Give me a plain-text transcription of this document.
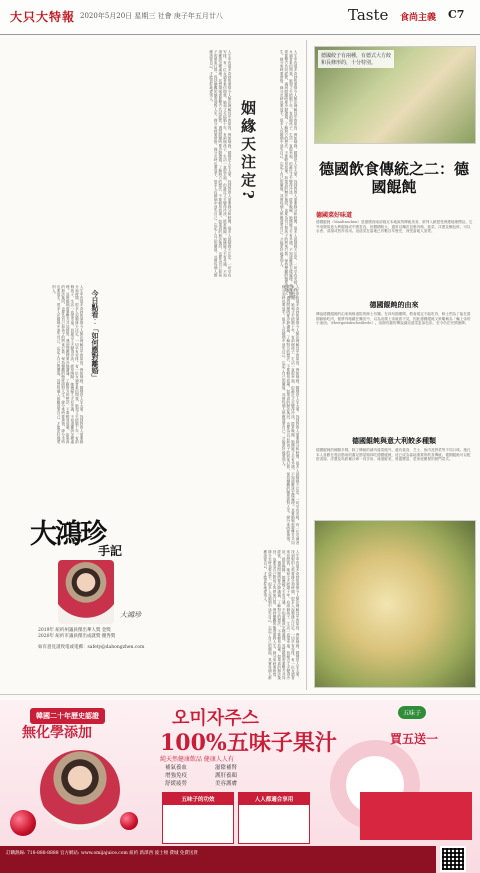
大只大特報 2020年5月20日 星期三 社會 庚子年五月廿八	Taste 食尚主義 C7
人生中有很多奇妙的事情令人無法理解其中的原因，例如姻緣。婚姻是人生大事，找到對的人需要緣分和時間，很多人說姻緣天注定，一切早有安排。有一位女讀者來信問我，她和丈夫結婚十年，有兩個孩子，生活一直很幸福，但最近丈夫變得冷淡，經常晚歸，她懷疑丈夫有外遇，不知道應該怎樣處理。其實婚姻需要雙方共同經營，遇到問題時要冷靜溝通，了解對方的想法，不要輕易放棄。如果真的無法挽回，也要為自己和孩子的將來打算，保持樂觀的態度面對人生。緣分來時要珍惜，緣分走時也要放手。很多人在婚姻中迷失自己，忘記了自己的價值，其實每個人都應該愛自己，才能更好地愛別人。
姻緣天注定?	人生中有很多奇妙的事情令人無法理解其中的原因，例如姻緣。婚姻是人生大事，找到對的人需要緣分和時間，很多人說姻緣天注定，一切早有安排。有一位女讀者來信問我，她和丈夫結婚十年，有兩個孩子，生活一直很幸福，但最近丈夫變得冷淡，經常晚歸，她懷疑丈夫有外遇，不知道應該怎樣處理。其實婚姻需要雙方共同經營，遇到問題時要冷靜溝通，了解對方的想法，不要輕易放棄。如果真的無法挽回，也要為自己和孩子的將來打算，保持樂觀的態度面對人生。緣分來時要珍惜，緣分走時也要放手。很多人在婚姻中迷失自己，忘記了自己的價值，其實每個人都應該愛自己，才能更好地愛別人。
人生中有很多奇妙的事情令人無法理解其中的原因，例如姻緣。婚姻是人生大事，找到對的人需要緣分和時間，很多人說姻緣天注定，一切早有安排。有一位女讀者來信問我，她和丈夫結婚十年，有兩個孩子，生活一直很幸福，但最近丈夫變得冷淡，經常晚歸，她懷疑丈夫有外遇，不知道應該怎樣處理。其實婚姻需要雙方共同經營，遇到問題時要冷靜溝通，了解對方的想法，不要輕易放棄。如果真的無法挽回，也要為自己和孩子的將來打算，保持樂觀的態度面對人生。緣分來時要珍惜，緣分走時也要放手。很多人在婚姻中迷失自己，忘記了自己的價值，其實每個人都應該愛自己，才能更好地愛別人。
今日點看︰「如何應對離婚」
人生中有很多奇妙的事情令人無法理解其中的原因，例如姻緣。婚姻是人生大事，找到對的人需要緣分和時間，很多人說姻緣天注定，一切早有安排。有一位女讀者來信問我，她和丈夫結婚十年，有兩個孩子，生活一直很幸福，但最近丈夫變得冷淡，經常晚歸，她懷疑丈夫有外遇，不知道應該怎樣處理。其實婚姻需要雙方共同經營，遇到問題時要冷靜溝通，了解對方的想法，不要輕易放棄。如果真的無法挽回，也要為自己和孩子的將來打算，保持樂觀的態度面對人生。緣分來時要珍惜，緣分走時也要放手。很多人在婚姻中迷失自己，忘記了自己的價值，其實每個人都應該愛自己，才能更好地愛別人。
人生中有很多奇妙的事情令人無法理解其中的原因，例如姻緣。婚姻是人生大事，找到對的人需要緣分和時間，很多人說姻緣天注定，一切早有安排。有一位女讀者來信問我，她和丈夫結婚十年，有兩個孩子，生活一直很幸福，但最近丈夫變得冷淡，經常晚歸，她懷疑丈夫有外遇，不知道應該怎樣處理。其實婚姻需要雙方共同經營，遇到問題時要冷靜溝通，了解對方的想法，不要輕易放棄。如果真的無法挽回，也要為自己和孩子的將來打算，保持樂觀的態度面對人生。緣分來時要珍惜，緣分走時也要放手。很多人在婚姻中迷失自己，忘記了自己的價值，其實每個人都應該愛自己，才能更好地愛別人。
大鴻珍
手記
大鴻珍
2019年 紐約州議員傑出華人獎 金獎
2020年 紐約市議員傑出成就獎 優秀獎
如有意見請致電或電郵：safety@dahongzhen.com
德國餃子有兩種，有德式大方餃和長條形的，十分特別。
德國飲食傳統之二：德國餛飩
德國菜好味道
德國餛飩（Maultaschen）是德國西南部施瓦本地區的傳統美食，被列入歐盟受保護地理標誌。它外形類似意大利餛飩或中國雲吞，但體積較大，通常以麵皮包裹肉餡、菠菜、洋蔥及麵包碎，可以水煮、清湯或煎炸食用。這道菜在當地已有數百年歷史，深受當地人喜愛。
德國餛飩的由來
傳說德國餛飩的由來與修道院的修士有關。在四旬期期間，教會規定不能吃肉，修士們為了能在齋期偷偷吃肉，便將肉餡藏在麵皮中，以為這樣上帝就看不見，因此德國餛飩又被暱稱為「騙上帝的小東西」（Herrgottsbscheißerle）。這個有趣的傳說讓這道菜更添色彩，至今仍在民間流傳。
德國餛飩與意大利餃多種類
德國餛飩的種類多樣，除了傳統的豬肉菠菜餡外，還有素食、芝士、魚肉及野菜等不同口味。施瓦本人喜歡在復活節前的濯足節星期四吃德國餛飩，這已成為當地重要的飲食傳統。德國餛飩可以配搭清湯、洋蔥及馬鈴薯沙律一同享用，味道鮮美，營養豐富，是家庭聚餐的熱門菜式。
韓國二十年歷史認證
無化學添加
오미자주스
100%五味子果汁
純天然健康飲品 健康人人有
補氣養血
增強免疫
舒緩疲勞
滋陰補腎
護肝養顏
美容護膚
五味子的功效	人人都適合享用
五味子
買五送一
訂購熱線: 718-888-8888 官方網站: www.omijajuice.com 紐約 新澤西 波士頓 費城 免費送貨
